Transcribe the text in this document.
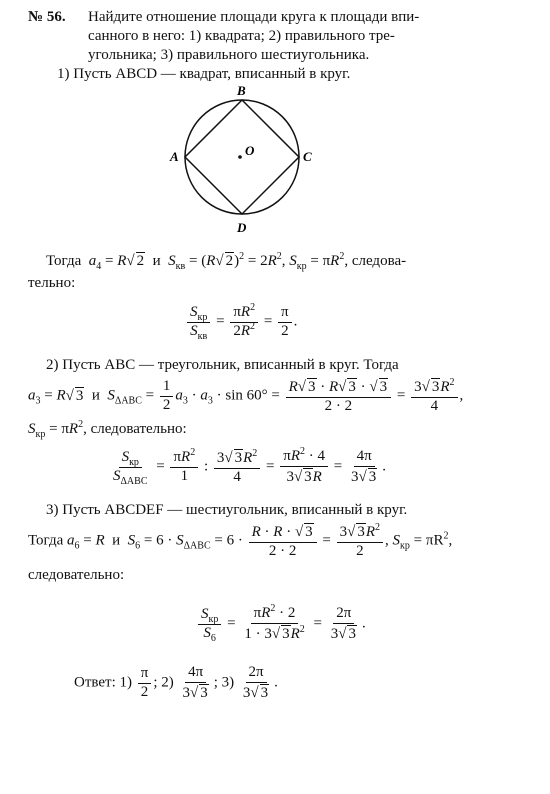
№ 56. Найдите отношение площади круга к площади впи-
санного в него: 1) квадрата; 2) правильного тре-
угольника; 3) правильного шестиугольника.
1) Пусть ABCD — квадрат, вписанный в круг.
B
A	C
D
O
Тогда $a_4 = R√$ 2 и $S_{кв} = (R√$ $2)^2 = 2R^2$, $S_{кр} = \pi R^2$, следова-
тельно:
$\frac{S_{кр}}{S_{кв}} = \frac{\pi R^2}{2R^2} = \frac{\pi}{2}$ .
2) Пусть ABC — треугольник, вписанный в круг. Тогда
$a_3 = R√$ 3 и $S_{\Delta ABC} = \frac{1}{2} a_3 \cdot a_3 \cdot \sin 60^\circ = \frac{R√ 3 \cdot R√ 3 \cdot √ 3}{2 \cdot 2} = \frac{3√ 3R^2}{4}$ ,
$S_{кр} = \pi R^2$, следовательно:
$\frac{S_{кр}}{S_{\Delta ABC}} = \frac{\pi R^2}{1}$ : $\frac{3√ 3R^2}{4} = \frac{\pi R^2 \cdot 4}{3√ 3R} = \frac{4\pi}{3√ 3}$ .
3) Пусть ABCDEF — шестиугольник, вписанный в круг.
Тогда $a_6 = R$ и $S_6 = 6 \cdot S_{\Delta ABC} = 6 \cdot \frac{R \cdot R \cdot √ 3}{2 \cdot 2} = \frac{3√ 3R^2}{2}$ , $S_{кр} = \pi R^2$,
следовательно:
$\frac{S_{кр}}{S_6} = \frac{\pi R^2 \cdot 2}{1 \cdot 3√ 3R^2} = \frac{2\pi}{3√ 3}$ .
Ответ: $1) \frac{\pi}{2}$ ; $2) \frac{4\pi}{3√ 3}$ ; $3) \frac{2\pi}{3√ 3}$ .
